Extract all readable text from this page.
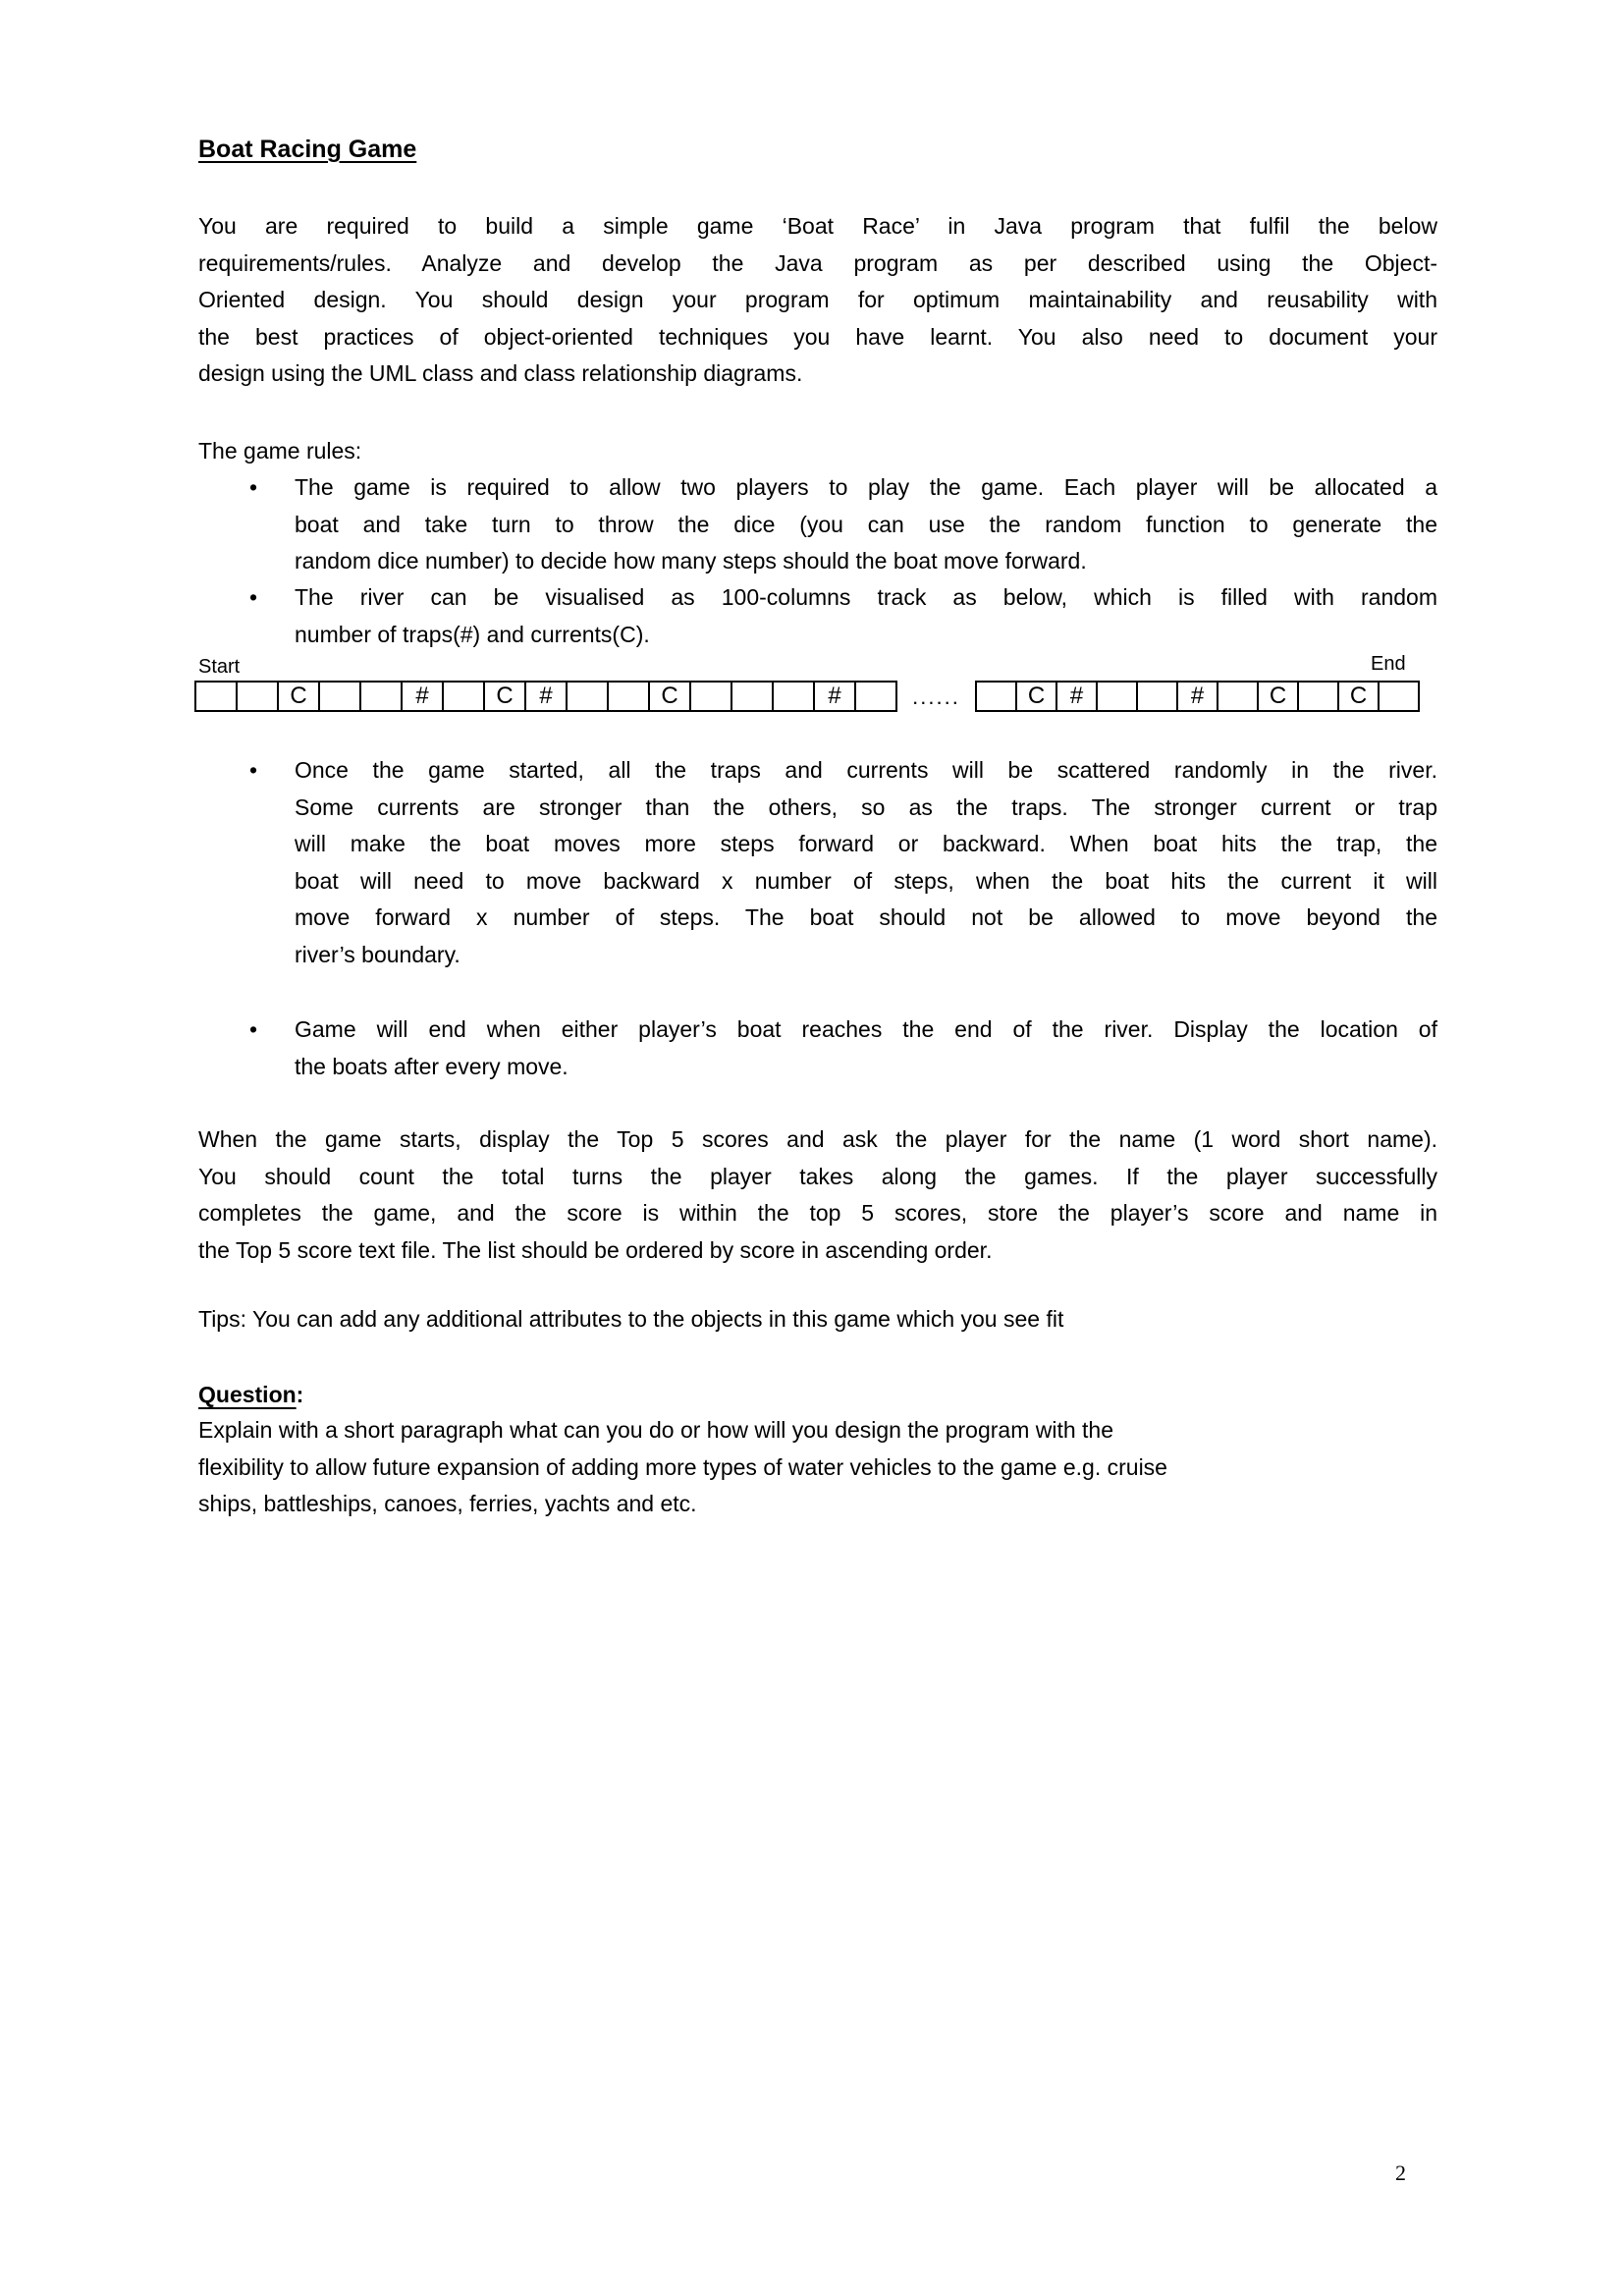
Boat Racing Game
You are required to build a simple game ‘Boat Race’ in Java program that fulfil the below
requirements/rules. Analyze and develop the Java program as per described using the Object-
Oriented design. You should design your program for optimum maintainability and reusability with
the best practices of object-oriented techniques you have learnt. You also need to document your
design using the UML class and class relationship diagrams.
The game rules:
•
The game is required to allow two players to play the game. Each player will be allocated a
boat and take turn to throw the dice (you can use the random function to generate the
random dice number) to decide how many steps should the boat move forward.
•
The river can be visualised as 100-columns track as below, which is filled with random
number of traps(#) and currents(C).
Start	End
C	#	C	#	C	#	......	C	#	#	C	C
•
Once the game started, all the traps and currents will be scattered randomly in the river.
Some currents are stronger than the others, so as the traps. The stronger current or trap
will make the boat moves more steps forward or backward. When boat hits the trap, the
boat will need to move backward x number of steps, when the boat hits the current it will
move forward x number of steps. The boat should not be allowed to move beyond the
river’s boundary.
•
Game will end when either player’s boat reaches the end of the river. Display the location of
the boats after every move.
When the game starts, display the Top 5 scores and ask the player for the name (1 word short name).
You should count the total turns the player takes along the games. If the player successfully
completes the game, and the score is within the top 5 scores, store the player’s score and name in
the Top 5 score text file. The list should be ordered by score in ascending order.
Tips: You can add any additional attributes to the objects in this game which you see fit
Question:
Explain with a short paragraph what can you do or how will you design the program with the
flexibility to allow future expansion of adding more types of water vehicles to the game e.g. cruise
ships, battleships, canoes, ferries, yachts and etc.
2
